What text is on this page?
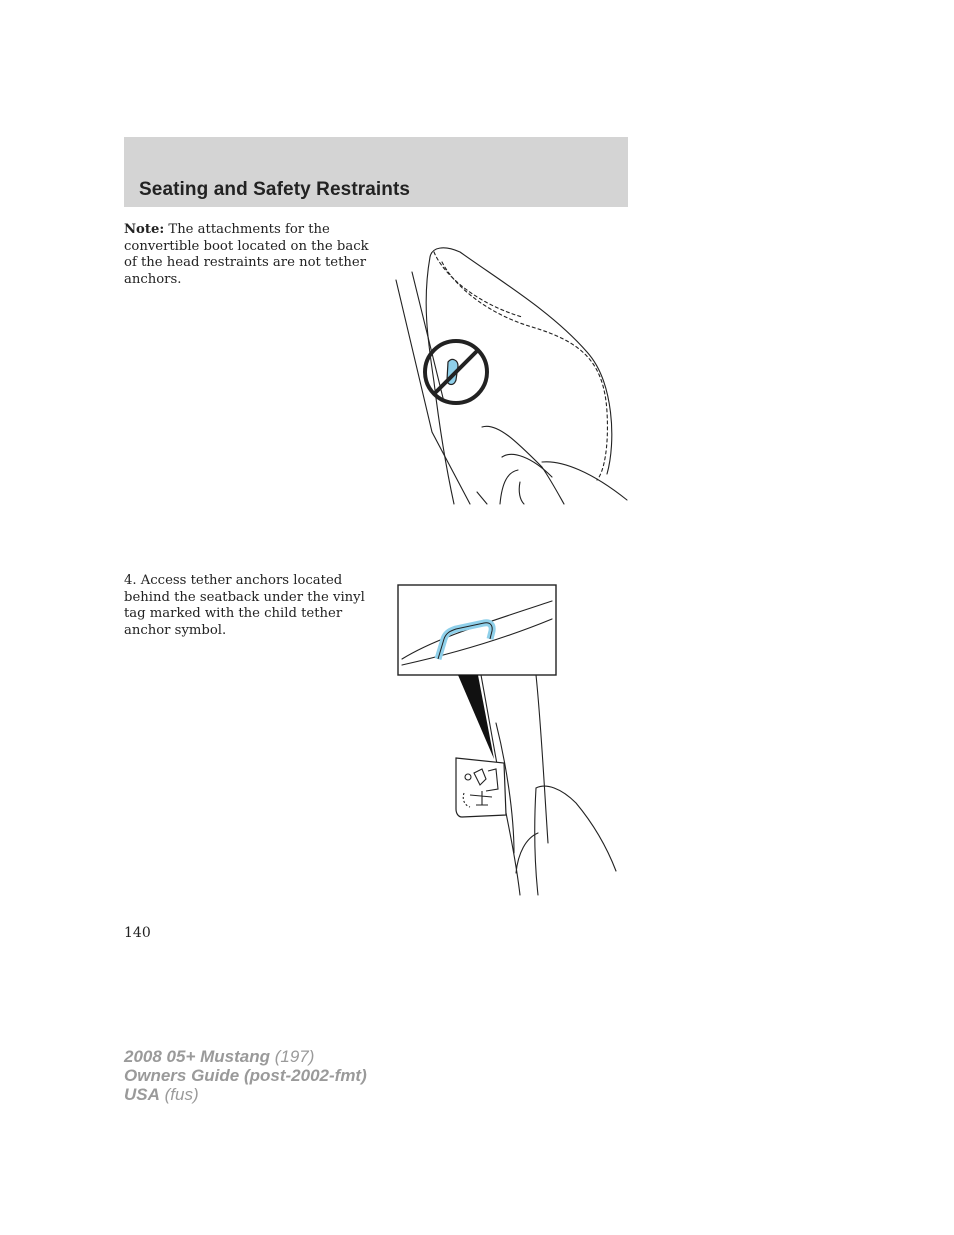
Seating and Safety Restraints

Note: The attachments for the convertible boot located on the back of the head restraints are not tether anchors.

4. Access tether anchors located behind the seatback under the vinyl tag marked with the child tether anchor symbol.

140
2008 05+ Mustang (197)
Owners Guide (post-2002-fmt)
USA (fus)
